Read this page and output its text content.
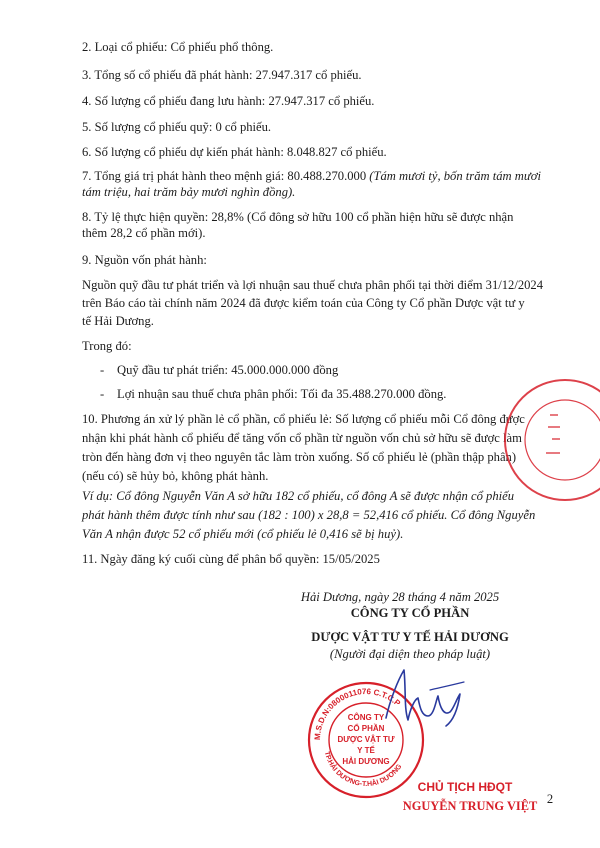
2. Loại cổ phiếu: Cổ phiếu phổ thông.

3. Tổng số cổ phiếu đã phát hành: 27.947.317 cổ phiếu.

4. Số lượng cổ phiếu đang lưu hành: 27.947.317 cổ phiếu.

5. Số lượng cổ phiếu quỹ: 0 cổ phiếu.

6. Số lượng cổ phiếu dự kiến phát hành: 8.048.827 cổ phiếu.

7. Tổng giá trị phát hành theo mệnh giá: 80.488.270.000 (Tám mươi tỷ, bốn trăm tám mươi

tám triệu, hai trăm bảy mươi nghìn đồng).

8. Tỷ lệ thực hiện quyền: 28,8% (Cổ đông sở hữu 100 cổ phần hiện hữu sẽ được nhận

thêm 28,2 cổ phần mới).

9. Nguồn vốn phát hành:

Nguồn quỹ đầu tư phát triển và lợi nhuận sau thuế chưa phân phối tại thời điểm 31/12/2024

trên Báo cáo tài chính năm 2024 đã được kiểm toán của Công ty Cổ phần Dược vật tư y

tế Hải Dương.

Trong đó:

- Quỹ đầu tư phát triển: 45.000.000.000 đồng
- Lợi nhuận sau thuế chưa phân phối: Tối đa 35.488.270.000 đồng.

10. Phương án xử lý phần lẻ cổ phần, cổ phiếu lẻ: Số lượng cổ phiếu mỗi Cổ đông được

nhận khi phát hành cổ phiếu để tăng vốn cổ phần từ nguồn vốn chủ sở hữu sẽ được làm

tròn đến hàng đơn vị theo nguyên tắc làm tròn xuống. Số cổ phiếu lẻ (phần thập phân)

(nếu có) sẽ hủy bỏ, không phát hành.

Ví dụ: Cổ đông Nguyễn Văn A sở hữu 182 cổ phiếu, cổ đông A sẽ được nhận cổ phiếu

phát hành thêm được tính như sau (182 : 100) x 28,8 = 52,416 cổ phiếu. Cổ đông Nguyễn

Văn A nhận được 52 cổ phiếu mới (cổ phiếu lẻ 0,416 sẽ bị huỷ).

11. Ngày đăng ký cuối cùng để phân bổ quyền: 15/05/2025

Hải Dương, ngày 28 tháng 4 năm 2025
CÔNG TY CỔ PHẦN
DƯỢC VẬT TƯ Y TẾ HẢI DƯƠNG
(Người đại diện theo pháp luật)
M.S.D.N:0800011076 C.T.C.P
TP.HẢI DƯƠNG-T.HẢI DƯƠNG
CÔNG TY
CỔ PHẦN
DƯỢC VẬT TƯ
Y TẾ
HẢI DƯƠNG
CHỦ TỊCH HĐQT
NGUYỄN TRUNG VIỆT 2
